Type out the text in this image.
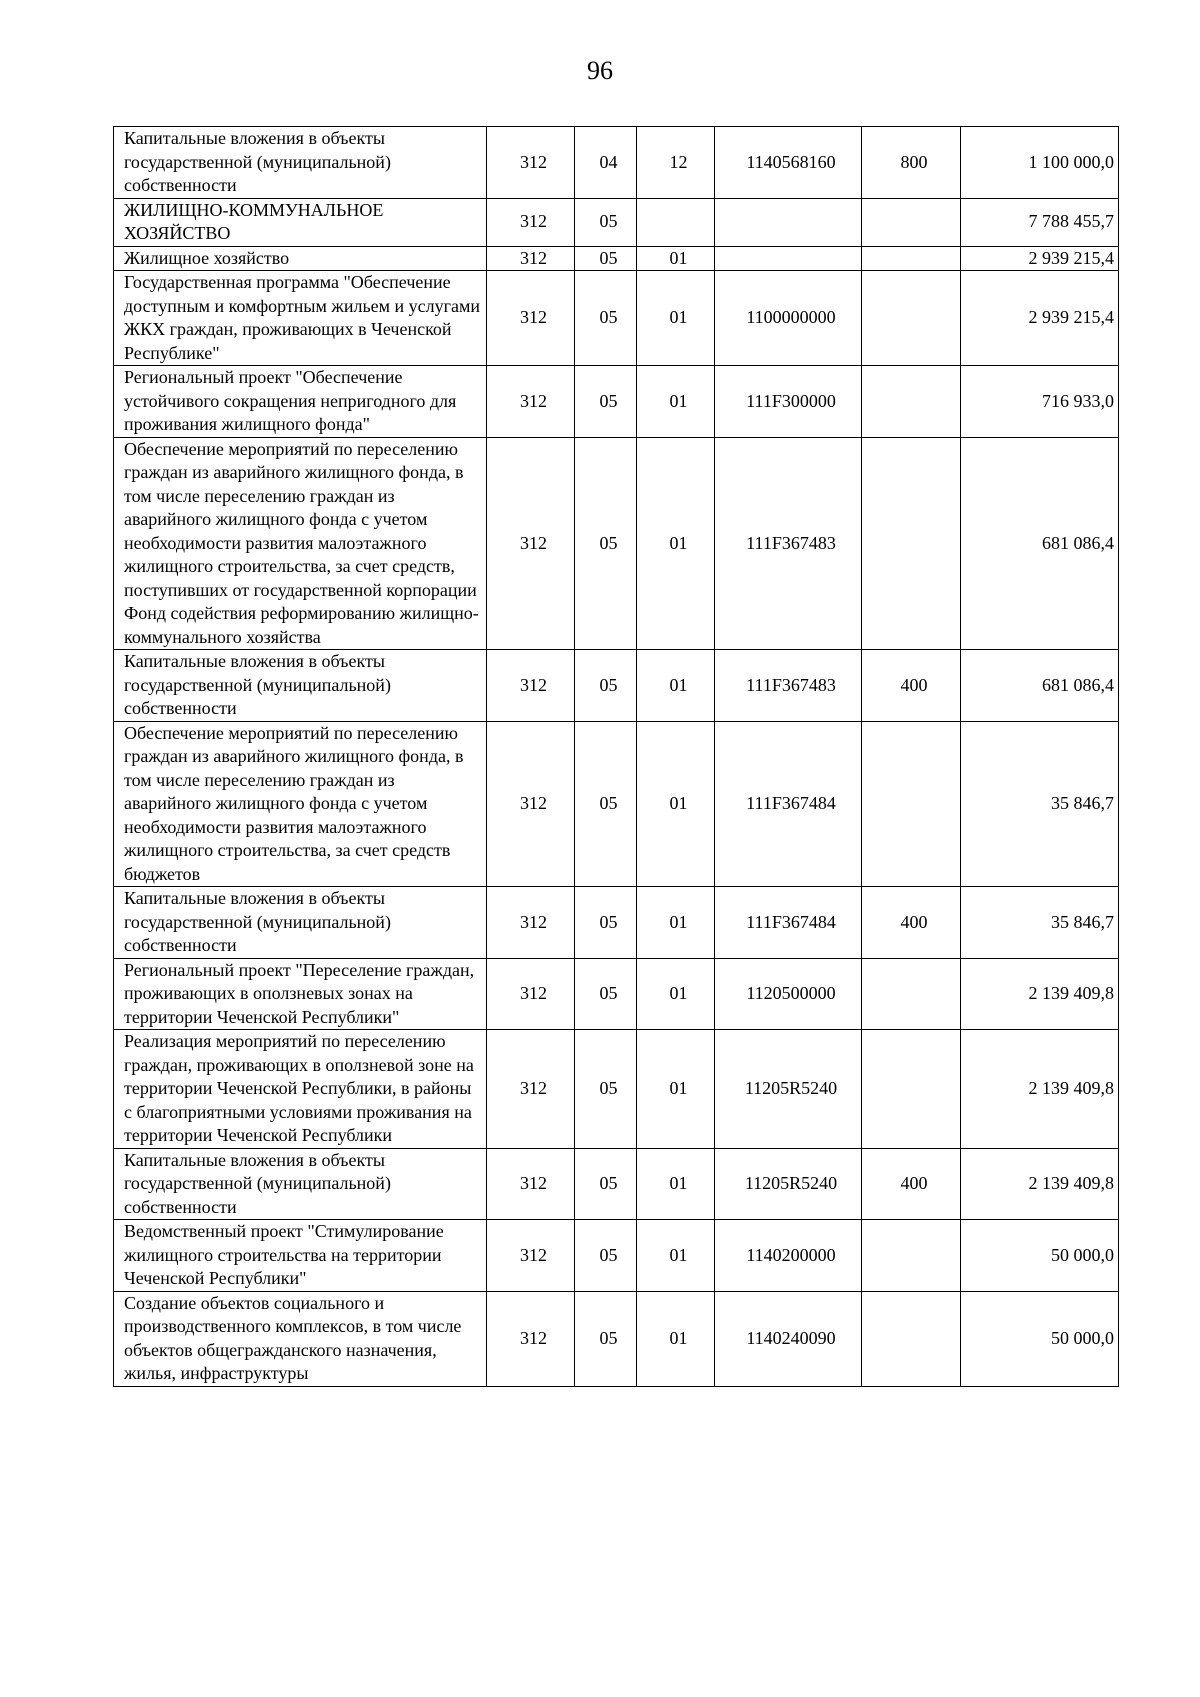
96
Капитальные вложения в объекты государственной (муниципальной) собственности	312	04	12	1140568160	800	1 100 000,0
ЖИЛИЩНО-КОММУНАЛЬНОЕ ХОЗЯЙСТВО	312	05				7 788 455,7
Жилищное хозяйство	312	05	01			2 939 215,4
Государственная программа "Обеспечение доступным и комфортным жильем и услугами ЖКХ граждан, проживающих в Чеченской Республике"	312	05	01	1100000000		2 939 215,4
Региональный проект "Обеспечение устойчивого сокращения непригодного для проживания жилищного фонда"	312	05	01	111F300000		716 933,0
Обеспечение мероприятий по переселению граждан из аварийного жилищного фонда, в том числе переселению граждан из аварийного жилищного фонда с учетом необходимости развития малоэтажного жилищного строительства, за счет средств, поступивших от государственной корпорации Фонд содействия реформированию жилищно-коммунального хозяйства	312	05	01	111F367483		681 086,4
Капитальные вложения в объекты государственной (муниципальной) собственности	312	05	01	111F367483	400	681 086,4
Обеспечение мероприятий по переселению граждан из аварийного жилищного фонда, в том числе переселению граждан из аварийного жилищного фонда с учетом необходимости развития малоэтажного жилищного строительства, за счет средств бюджетов	312	05	01	111F367484		35 846,7
Капитальные вложения в объекты государственной (муниципальной) собственности	312	05	01	111F367484	400	35 846,7
Региональный проект "Переселение граждан, проживающих в оползневых зонах на территории Чеченской Республики"	312	05	01	1120500000		2 139 409,8
Реализация мероприятий по переселению граждан, проживающих в оползневой зоне на территории Чеченской Республики, в районы с благоприятными условиями проживания на территории Чеченской Республики	312	05	01	11205R5240		2 139 409,8
Капитальные вложения в объекты государственной (муниципальной) собственности	312	05	01	11205R5240	400	2 139 409,8
Ведомственный проект "Стимулирование жилищного строительства на территории Чеченской Республики"	312	05	01	1140200000		50 000,0
Создание объектов социального и производственного комплексов, в том числе объектов общегражданского назначения, жилья, инфраструктуры	312	05	01	1140240090		50 000,0
